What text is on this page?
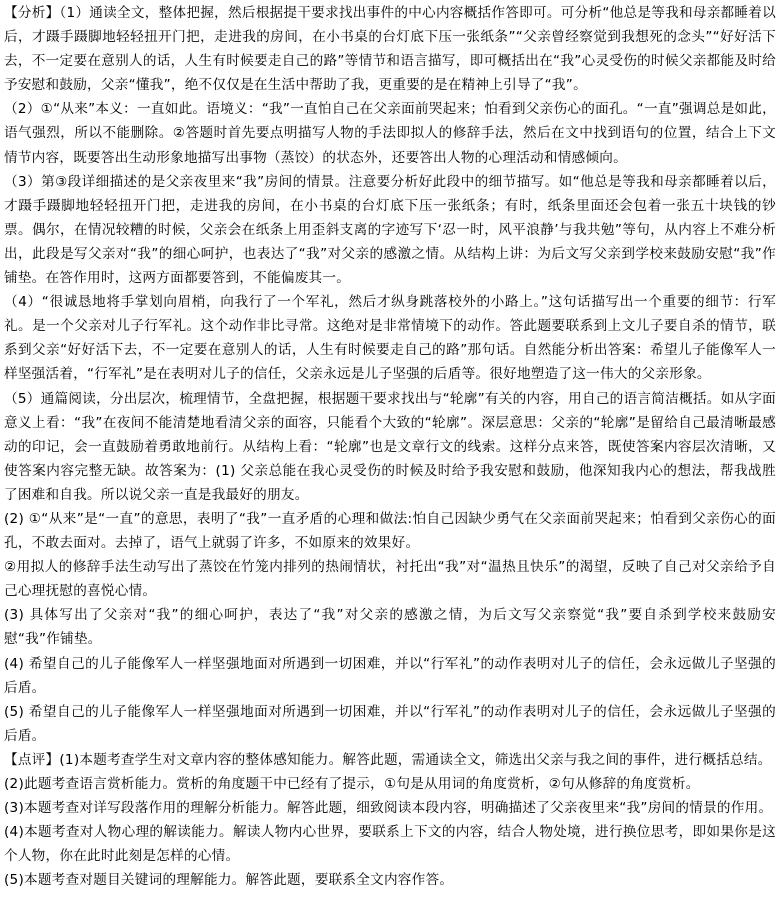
【分析】（1）通读全文，整体把握，然后根据提干要求找出事件的中心内容概括作答即可。可分析“他总是等我和母亲都睡着以后，才蹑手蹑脚地轻轻扭开门把，走进我的房间，在小书桌的台灯底下压一张纸条”“父亲曾经察觉到我想死的念头”“好好活下去，不一定要在意别人的话，人生有时候要走自己的路”等情节和语言描写，即可概括出在“我”心灵受伤的时候父亲都能及时给予安慰和鼓励，父亲“懂我”，绝不仅仅是在生活中帮助了我，更重要的是在精神上引导了“我”。

（2）①“从来”本义：一直如此。语境义：“我”一直怕自己在父亲面前哭起来；怕看到父亲伤心的面孔。“一直”强调总是如此，语气强烈，所以不能删除。②答题时首先要点明描写人物的手法即拟人的修辞手法，然后在文中找到语句的位置，结合上下文情节内容，既要答出生动形象地描写出事物（蒸饺）的状态外，还要答出人物的心理活动和情感倾向。

（3）第③段详细描述的是父亲夜里来“我”房间的情景。注意要分析好此段中的细节描写。如“他总是等我和母亲都睡着以后，才蹑手蹑脚地轻轻扭开门把，走进我的房间，在小书桌的台灯底下压一张纸条；有时，纸条里面还会包着一张五十块钱的钞票。偶尔，在情况较糟的时候，父亲会在纸条上用歪斜支离的字迹写下‘忍一时，风平浪静’与我共勉”等句，从内容上不难分析出，此段是写父亲对“我”的细心呵护，也表达了“我”对父亲的感激之情。从结构上讲：为后文写父亲到学校来鼓励安慰“我”作铺垫。在答作用时，这两方面都要答到，不能偏废其一。

（4）“很诚恳地将手掌划向眉梢，向我行了一个军礼，然后才纵身跳落校外的小路上。”这句话描写出一个重要的细节：行军礼。是一个父亲对儿子行军礼。这个动作非比寻常。这绝对是非常情境下的动作。答此题要联系到上文儿子要自杀的情节，联系到父亲“好好活下去，不一定要在意别人的话，人生有时候要走自己的路”那句话。自然能分析出答案：希望儿子能像军人一样坚强活着，“行军礼”是在表明对儿子的信任，父亲永远是儿子坚强的后盾等。很好地塑造了这一伟大的父亲形象。

（5）通篇阅读，分出层次，梳理情节，全盘把握，根据题干要求找出与“轮廓”有关的内容，用自己的语言简洁概括。如从字面意义上看：“我”在夜间不能清楚地看清父亲的面容，只能看个大致的“轮廓”。深层意思：父亲的“轮廓”是留给自己最清晰最感动的印记，会一直鼓励着勇敢地前行。从结构上看：“轮廓”也是文章行文的线索。这样分点来答，既使答案内容层次清晰，又使答案内容完整无缺。故答案为：(1) 父亲总能在我心灵受伤的时候及时给予我安慰和鼓励，他深知我内心的想法，帮我战胜了困难和自我。所以说父亲一直是我最好的朋友。

(2) ①“从来”是“一直”的意思，表明了“我”一直矛盾的心理和做法:怕自己因缺少勇气在父亲面前哭起来；怕看到父亲伤心的面孔，不敢去面对。去掉了，语气上就弱了许多，不如原来的效果好。

②用拟人的修辞手法生动写出了蒸饺在竹笼内排列的热闹情状，衬托出“我”对“温热且快乐”的渴望，反映了自己对父亲给予自己心理抚慰的喜悦心情。

(3) 具体写出了父亲对“我”的细心呵护，表达了“我”对父亲的感激之情，为后文写父亲察觉“我”要自杀到学校来鼓励安慰“我”作铺垫。

(4) 希望自己的儿子能像军人一样坚强地面对所遇到一切困难，并以“行军礼”的动作表明对儿子的信任，会永远做儿子坚强的后盾。

(5) 希望自己的儿子能像军人一样坚强地面对所遇到一切困难，并以“行军礼”的动作表明对儿子的信任，会永远做儿子坚强的后盾。

【点评】(1)本题考查学生对文章内容的整体感知能力。解答此题，需通读全文，筛选出父亲与我之间的事件，进行概括总结。

(2)此题考查语言赏析能力。赏析的角度题干中已经有了提示，①句是从用词的角度赏析，②句从修辞的角度赏析。

(3)本题考查对详写段落作用的理解分析能力。解答此题，细致阅读本段内容，明确描述了父亲夜里来“我”房间的情景的作用。

(4)本题考查对人物心理的解读能力。解读人物内心世界，要联系上下文的内容，结合人物处境，进行换位思考，即如果你是这个人物，你在此时此刻是怎样的心情。

(5)本题考查对题目关键词的理解能力。解答此题，要联系全文内容作答。
